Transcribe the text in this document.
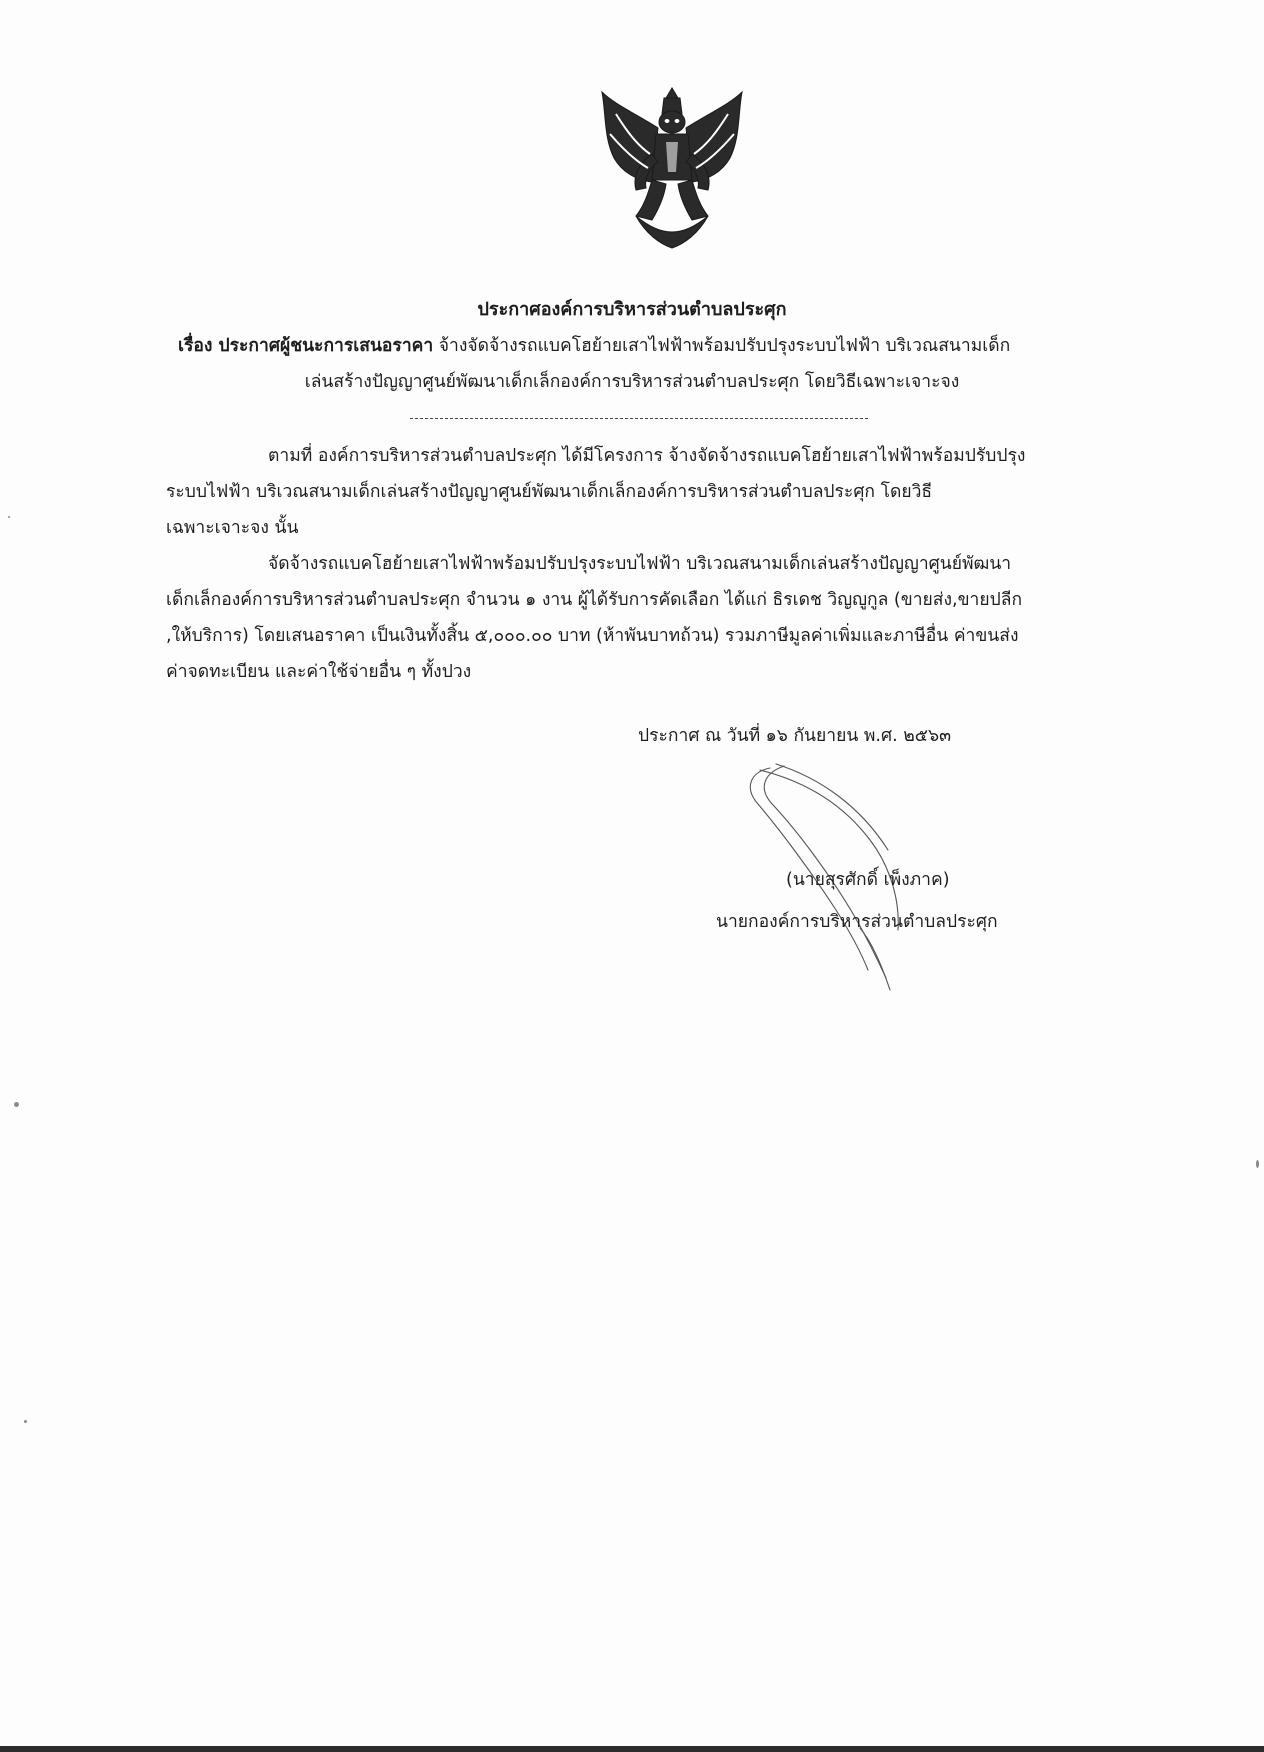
ประกาศองค์การบริหารส่วนตำบลประศุก
เรื่อง ประกาศผู้ชนะการเสนอราคา จ้างจัดจ้างรถแบคโฮย้ายเสาไฟฟ้าพร้อมปรับปรุงระบบไฟฟ้า บริเวณสนามเด็ก
เล่นสร้างปัญญาศูนย์พัฒนาเด็กเล็กองค์การบริหารส่วนตำบลประศุก โดยวิธีเฉพาะเจาะจง
ตามที่ องค์การบริหารส่วนตำบลประศุก ได้มีโครงการ จ้างจัดจ้างรถแบคโฮย้ายเสาไฟฟ้าพร้อมปรับปรุง
ระบบไฟฟ้า บริเวณสนามเด็กเล่นสร้างปัญญาศูนย์พัฒนาเด็กเล็กองค์การบริหารส่วนตำบลประศุก โดยวิธี
เฉพาะเจาะจง นั้น
จัดจ้างรถแบคโฮย้ายเสาไฟฟ้าพร้อมปรับปรุงระบบไฟฟ้า บริเวณสนามเด็กเล่นสร้างปัญญาศูนย์พัฒนา
เด็กเล็กองค์การบริหารส่วนตำบลประศุก จำนวน ๑ งาน ผู้ได้รับการคัดเลือก ได้แก่ ธิรเดช วิญญูกูล (ขายส่ง,ขายปลีก
,ให้บริการ) โดยเสนอราคา เป็นเงินทั้งสิ้น ๕,๐๐๐.๐๐ บาท (ห้าพันบาทถ้วน) รวมภาษีมูลค่าเพิ่มและภาษีอื่น ค่าขนส่ง
ค่าจดทะเบียน และค่าใช้จ่ายอื่น ๆ ทั้งปวง
ประกาศ ณ วันที่ ๑๖ กันยายน พ.ศ. ๒๕๖๓
(นายสุรศักดิ์ เพ็งภาค)
นายกองค์การบริหารส่วนตำบลประศุก
